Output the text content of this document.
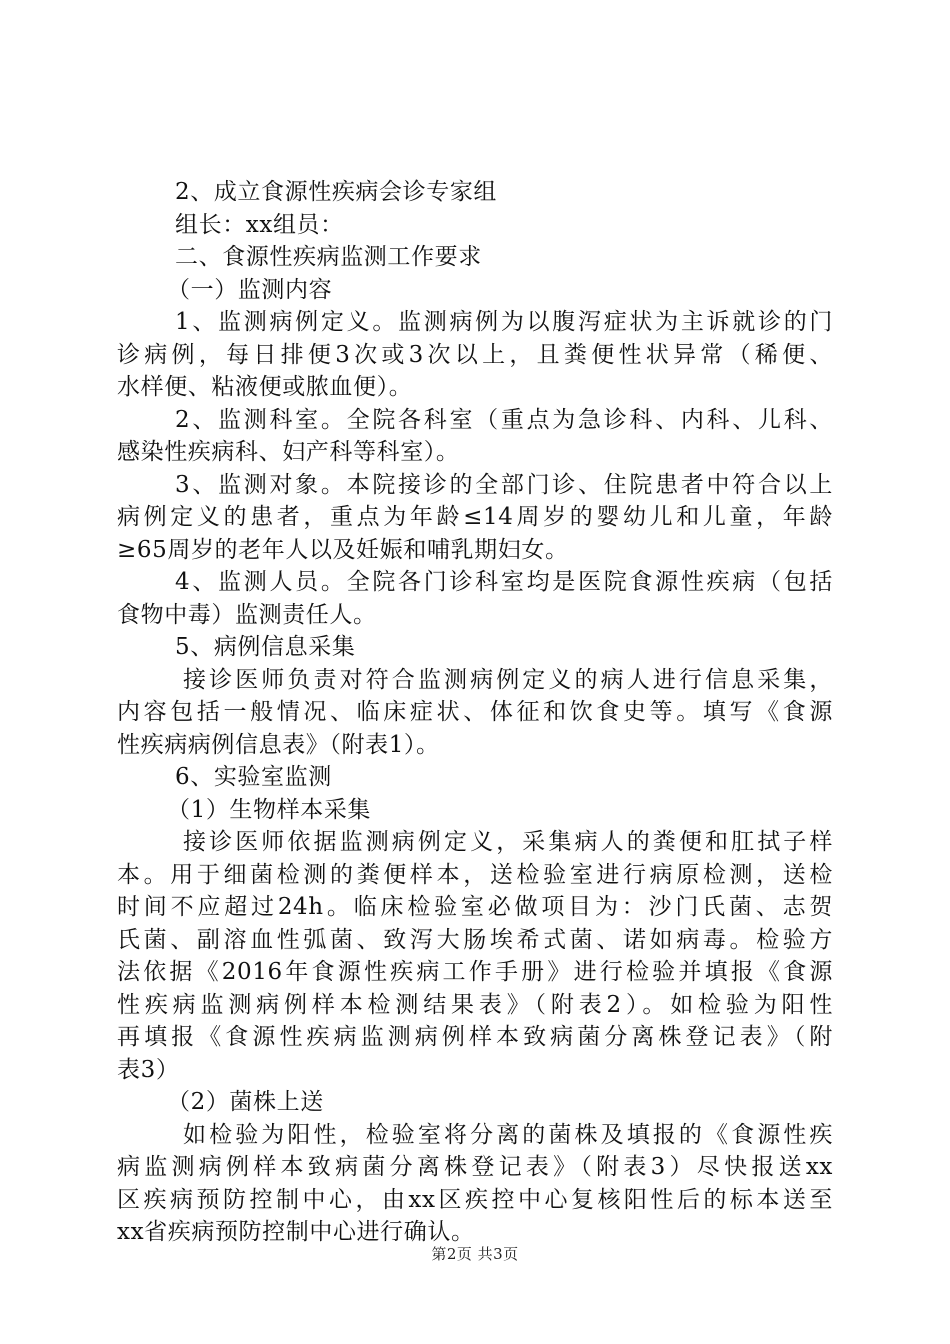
2、成立食源性疾病会诊专家组
组长：xx组员：
二、食源性疾病监测工作要求
（一）监测内容
1、监测病例定义。监测病例为以腹泻症状为主诉就诊的门
诊病例，每日排便3次或3次以上，且粪便性状异常（稀便、
水样便、粘液便或脓血便）。
2、监测科室。全院各科室（重点为急诊科、内科、儿科、
感染性疾病科、妇产科等科室）。
3、监测对象。本院接诊的全部门诊、住院患者中符合以上
病例定义的患者，重点为年龄≤14周岁的婴幼儿和儿童，年龄
≥65周岁的老年人以及妊娠和哺乳期妇女。
4、监测人员。全院各门诊科室均是医院食源性疾病（包括
食物中毒）监测责任人。
5、病例信息采集
接诊医师负责对符合监测病例定义的病人进行信息采集，
内容包括一般情况、临床症状、体征和饮食史等。填写《食源
性疾病病例信息表》（附表1）。
6、实验室监测
（1）生物样本采集
接诊医师依据监测病例定义，采集病人的粪便和肛拭子样
本。用于细菌检测的粪便样本，送检验室进行病原检测，送检
时间不应超过24h。临床检验室必做项目为：沙门氏菌、志贺
氏菌、副溶血性弧菌、致泻大肠埃希式菌、诺如病毒。检验方
法依据《2016年食源性疾病工作手册》进行检验并填报《食源
性疾病监测病例样本检测结果表》（附表2）。如检验为阳性
再填报《食源性疾病监测病例样本致病菌分离株登记表》（附
表3）
（2）菌株上送
如检验为阳性，检验室将分离的菌株及填报的《食源性疾
病监测病例样本致病菌分离株登记表》（附表3）尽快报送xx
区疾病预防控制中心，由xx区疾控中心复核阳性后的标本送至
xx省疾病预防控制中心进行确认。
第2页 共3页
